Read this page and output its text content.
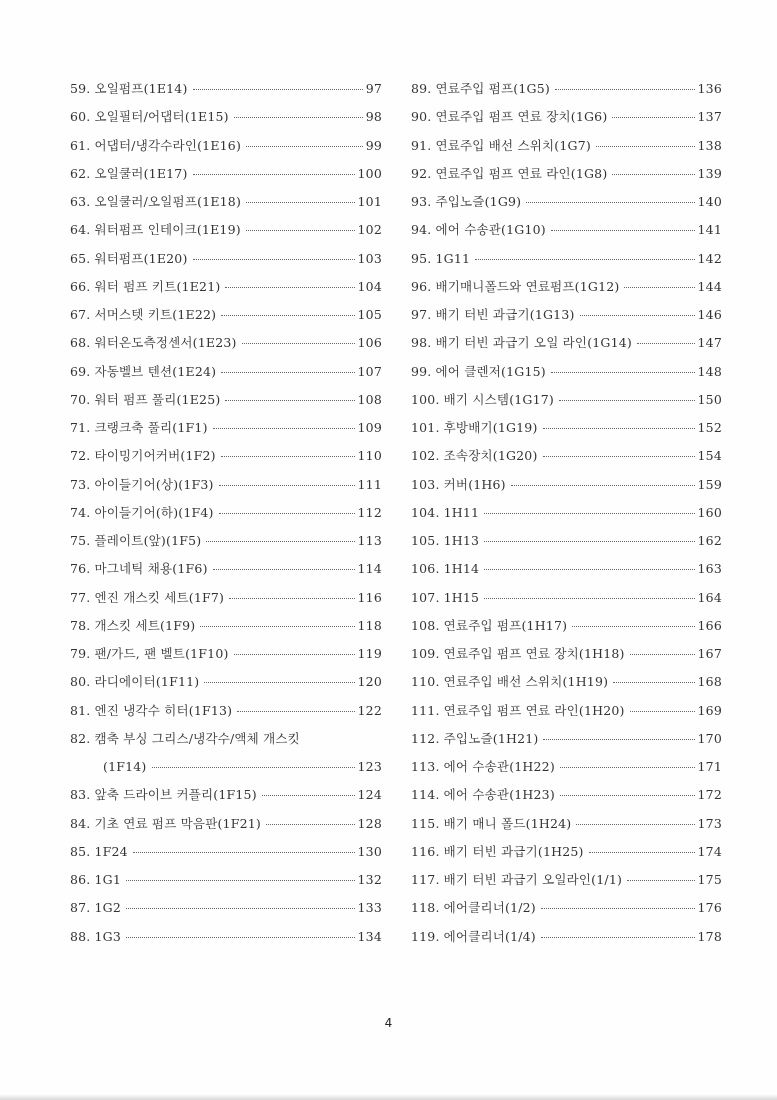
59. 오일펌프(1E14)	97
60. 오일필터/어댑터(1E15)	98
61. 어댑터/냉각수라인(1E16)	99
62. 오일쿨러(1E17)	100
63. 오일쿨러/오일펌프(1E18)	101
64. 워터펌프 인테이크(1E19)	102
65. 워터펌프(1E20)	103
66. 워터 펌프 키트(1E21)	104
67. 서머스텟 키트(1E22)	105
68. 워터온도측정센서(1E23)	106
69. 자동벨브 텐션(1E24)	107
70. 워터 펌프 풀리(1E25)	108
71. 크랭크축 풀리(1F1)	109
72. 타이밍기어커버(1F2)	110
73. 아이들기어(상)(1F3)	111
74. 아이들기어(하)(1F4)	112
75. 플레이트(앞)(1F5)	113
76. 마그네틱 채용(1F6)	114
77. 엔진 개스킷 세트(1F7)	116
78. 개스킷 세트(1F9)	118
79. 팬/가드, 팬 벨트(1F10)	119
80. 라디에이터(1F11)	120
81. 엔진 냉각수 히터(1F13)	122
82. 캠축 부싱 그리스/냉각수/액체 개스킷
(1F14)	123
83. 앞축 드라이브 커플리(1F15)	124
84. 기초 연료 펌프 막음판(1F21)	128
85. 1F24	130
86. 1G1	132
87. 1G2	133
88. 1G3	134
89. 연료주입 펌프(1G5)	136
90. 연료주입 펌프 연료 장치(1G6)	137
91. 연료주입 배선 스위치(1G7)	138
92. 연료주입 펌프 연료 라인(1G8)	139
93. 주입노즐(1G9)	140
94. 에어 수송관(1G10)	141
95. 1G11	142
96. 배기매니폴드와 연료펌프(1G12)	144
97. 배기 터빈 과급기(1G13)	146
98. 배기 터빈 과급기 오일 라인(1G14)	147
99. 에어 클렌저(1G15)	148
100. 배기 시스템(1G17)	150
101. 후방배기(1G19)	152
102. 조속장치(1G20)	154
103. 커버(1H6)	159
104. 1H11	160
105. 1H13	162
106. 1H14	163
107. 1H15	164
108. 연료주입 펌프(1H17)	166
109. 연료주입 펌프 연료 장치(1H18)	167
110. 연료주입 배선 스위치(1H19)	168
111. 연료주입 펌프 연료 라인(1H20)	169
112. 주입노즐(1H21)	170
113. 에어 수송관(1H22)	171
114. 에어 수송관(1H23)	172
115. 배기 매니 폴드(1H24)	173
116. 배기 터빈 과급기(1H25)	174
117. 배기 터빈 과급기 오일라인(1/1)	175
118. 에어클리너(1/2)	176
119. 에어클리너(1/4)	178
4
